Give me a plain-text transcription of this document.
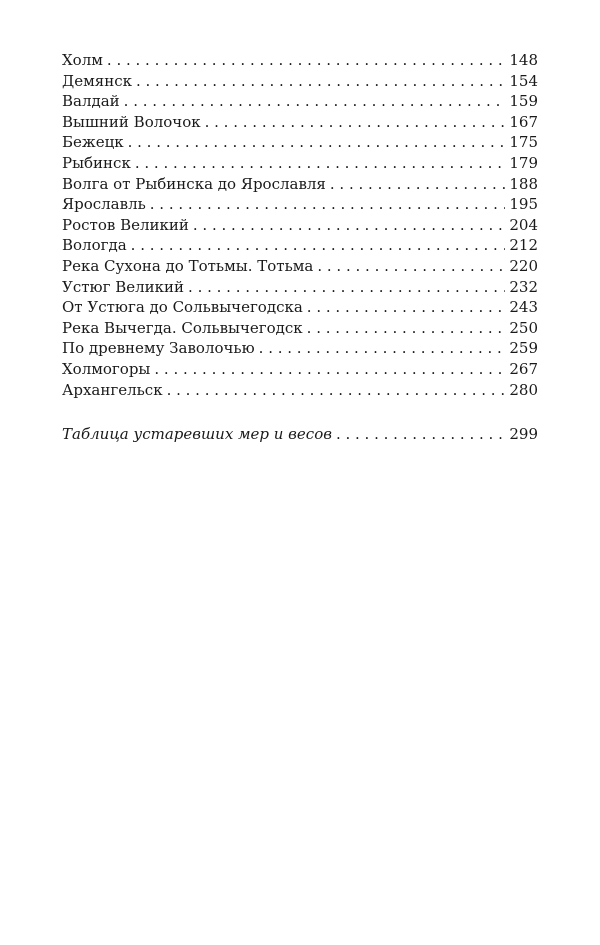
Холм . . .	148
Демянск . . .	154
Валдай . . .	159
Вышний Волочок . . .	167
Бежецк . . .	175
Рыбинск . . .	179
Волга от Рыбинска до Ярославля . . .	188
Ярославль . . .	195
Ростов Великий . . .	204
Вологда . . .	212
Река Сухона до Тотьмы. Тотьма . . .	220
Устюг Великий . . .	232
От Устюга до Сольвычегодска . . .	243
Река Вычегда. Сольвычегодск . . .	250
По древнему Заволочью . . .	259
Холмогоры . . .	267
Архангельск . . .	280
Таблица устаревших мер и весов . . .	299
